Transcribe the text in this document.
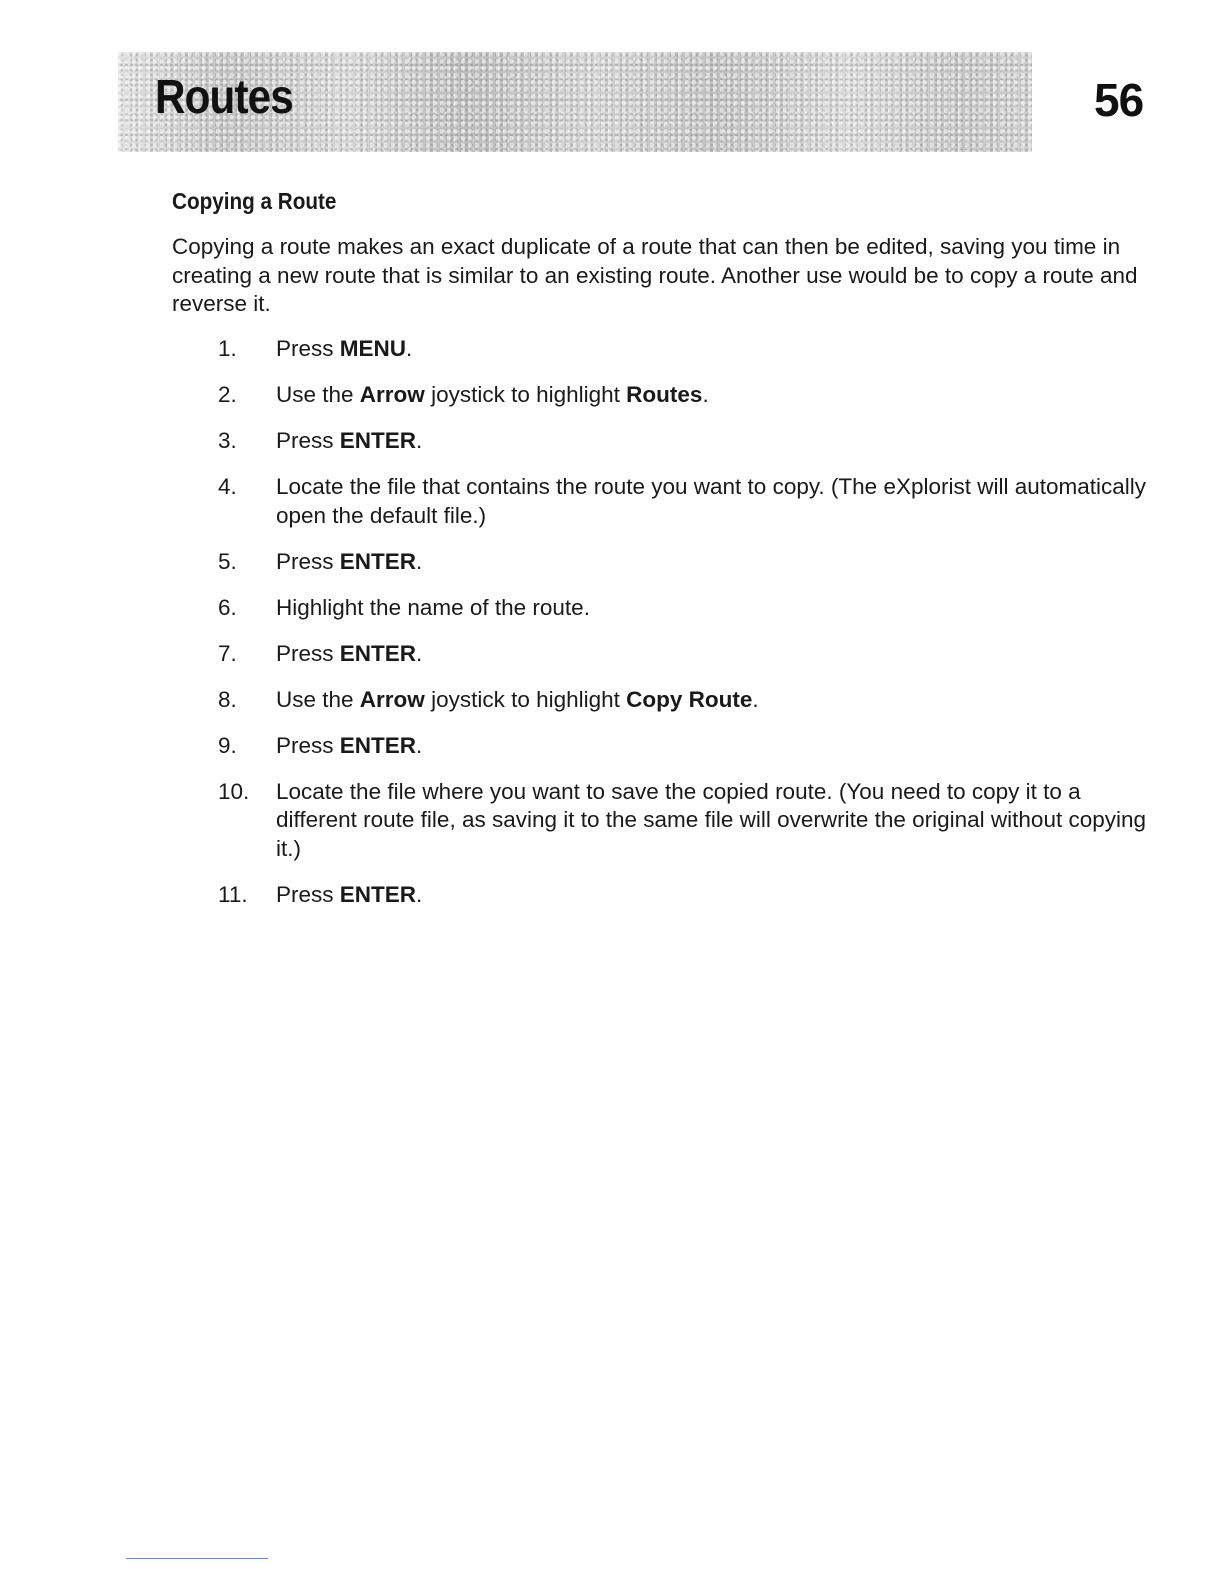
Routes	56
Copying a Route
Copying a route makes an exact duplicate of a route that can then be edited, saving you time in creating a new route that is similar to an existing route. Another use would be to copy a route and reverse it.
1.	Press MENU.
2.	Use the Arrow joystick to highlight Routes.
3.	Press ENTER.
4.	Locate the file that contains the route you want to copy. (The eXplorist will automatically open the default file.)
5.	Press ENTER.
6.	Highlight the name of the route.
7.	Press ENTER.
8.	Use the Arrow joystick to highlight Copy Route.
9.	Press ENTER.
10.	Locate the file where you want to save the copied route. (You need to copy it to a different route file, as saving it to the same file will overwrite the original without copying it.)
11.	Press ENTER.
